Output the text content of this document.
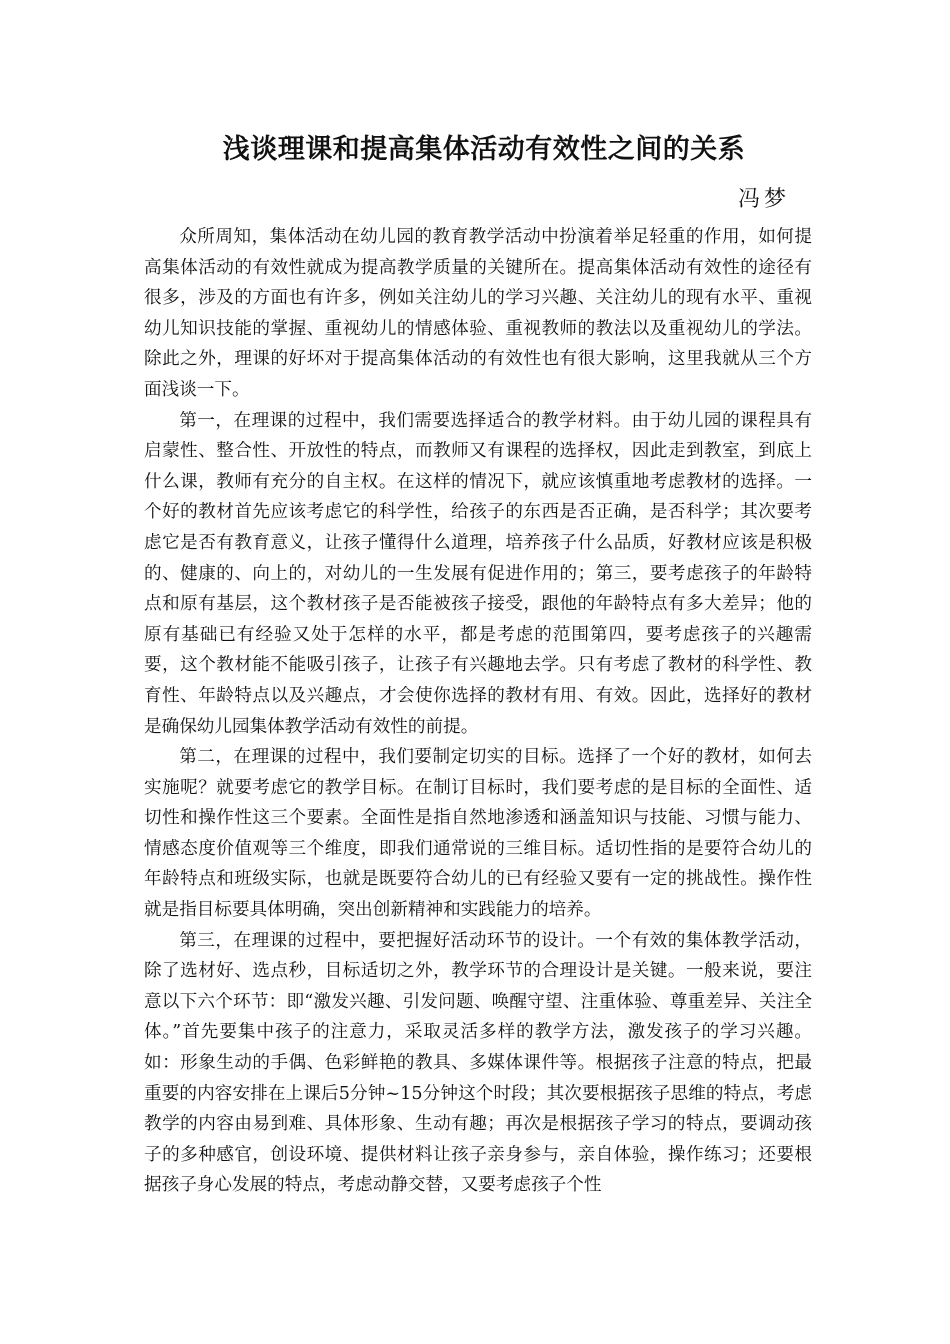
浅谈理课和提高集体活动有效性之间的关系
冯梦

众所周知，集体活动在幼儿园的教育教学活动中扮演着举足轻重的作用，如何提高集体活动的有效性就成为提高教学质量的关键所在。提高集体活动有效性的途径有很多，涉及的方面也有许多，例如关注幼儿的学习兴趣、关注幼儿的现有水平、重视幼儿知识技能的掌握、重视幼儿的情感体验、重视教师的教法以及重视幼儿的学法。除此之外，理课的好坏对于提高集体活动的有效性也有很大影响，这里我就从三个方面浅谈一下。

第一，在理课的过程中，我们需要选择适合的教学材料。由于幼儿园的课程具有启蒙性、整合性、开放性的特点，而教师又有课程的选择权，因此走到教室，到底上什么课，教师有充分的自主权。在这样的情况下，就应该慎重地考虑教材的选择。一个好的教材首先应该考虑它的科学性，给孩子的东西是否正确，是否科学；其次要考虑它是否有教育意义，让孩子懂得什么道理，培养孩子什么品质，好教材应该是积极的、健康的、向上的，对幼儿的一生发展有促进作用的；第三，要考虑孩子的年龄特点和原有基层，这个教材孩子是否能被孩子接受，跟他的年龄特点有多大差异；他的原有基础已有经验又处于怎样的水平，都是考虑的范围第四，要考虑孩子的兴趣需要，这个教材能不能吸引孩子，让孩子有兴趣地去学。只有考虑了教材的科学性、教育性、年龄特点以及兴趣点，才会使你选择的教材有用、有效。因此，选择好的教材是确保幼儿园集体教学活动有效性的前提。

第二，在理课的过程中，我们要制定切实的目标。选择了一个好的教材，如何去实施呢？就要考虑它的教学目标。在制订目标时，我们要考虑的是目标的全面性、适切性和操作性这三个要素。全面性是指自然地渗透和涵盖知识与技能、习惯与能力、情感态度价值观等三个维度，即我们通常说的三维目标。适切性指的是要符合幼儿的年龄特点和班级实际，也就是既要符合幼儿的已有经验又要有一定的挑战性。操作性就是指目标要具体明确，突出创新精神和实践能力的培养。

第三，在理课的过程中，要把握好活动环节的设计。一个有效的集体教学活动，除了选材好、选点秒，目标适切之外，教学环节的合理设计是关键。一般来说，要注意以下六个环节：即“激发兴趣、引发问题、唤醒守望、注重体验、尊重差异、关注全体。”首先要集中孩子的注意力，采取灵活多样的教学方法，激发孩子的学习兴趣。如：形象生动的手偶、色彩鲜艳的教具、多媒体课件等。根据孩子注意的特点，把最重要的内容安排在上课后5分钟~15分钟这个时段；其次要根据孩子思维的特点，考虑教学的内容由易到难、具体形象、生动有趣；再次是根据孩子学习的特点，要调动孩子的多种感官，创设环境、提供材料让孩子亲身参与，亲自体验，操作练习；还要根据孩子身心发展的特点，考虑动静交替，又要考虑孩子个性
